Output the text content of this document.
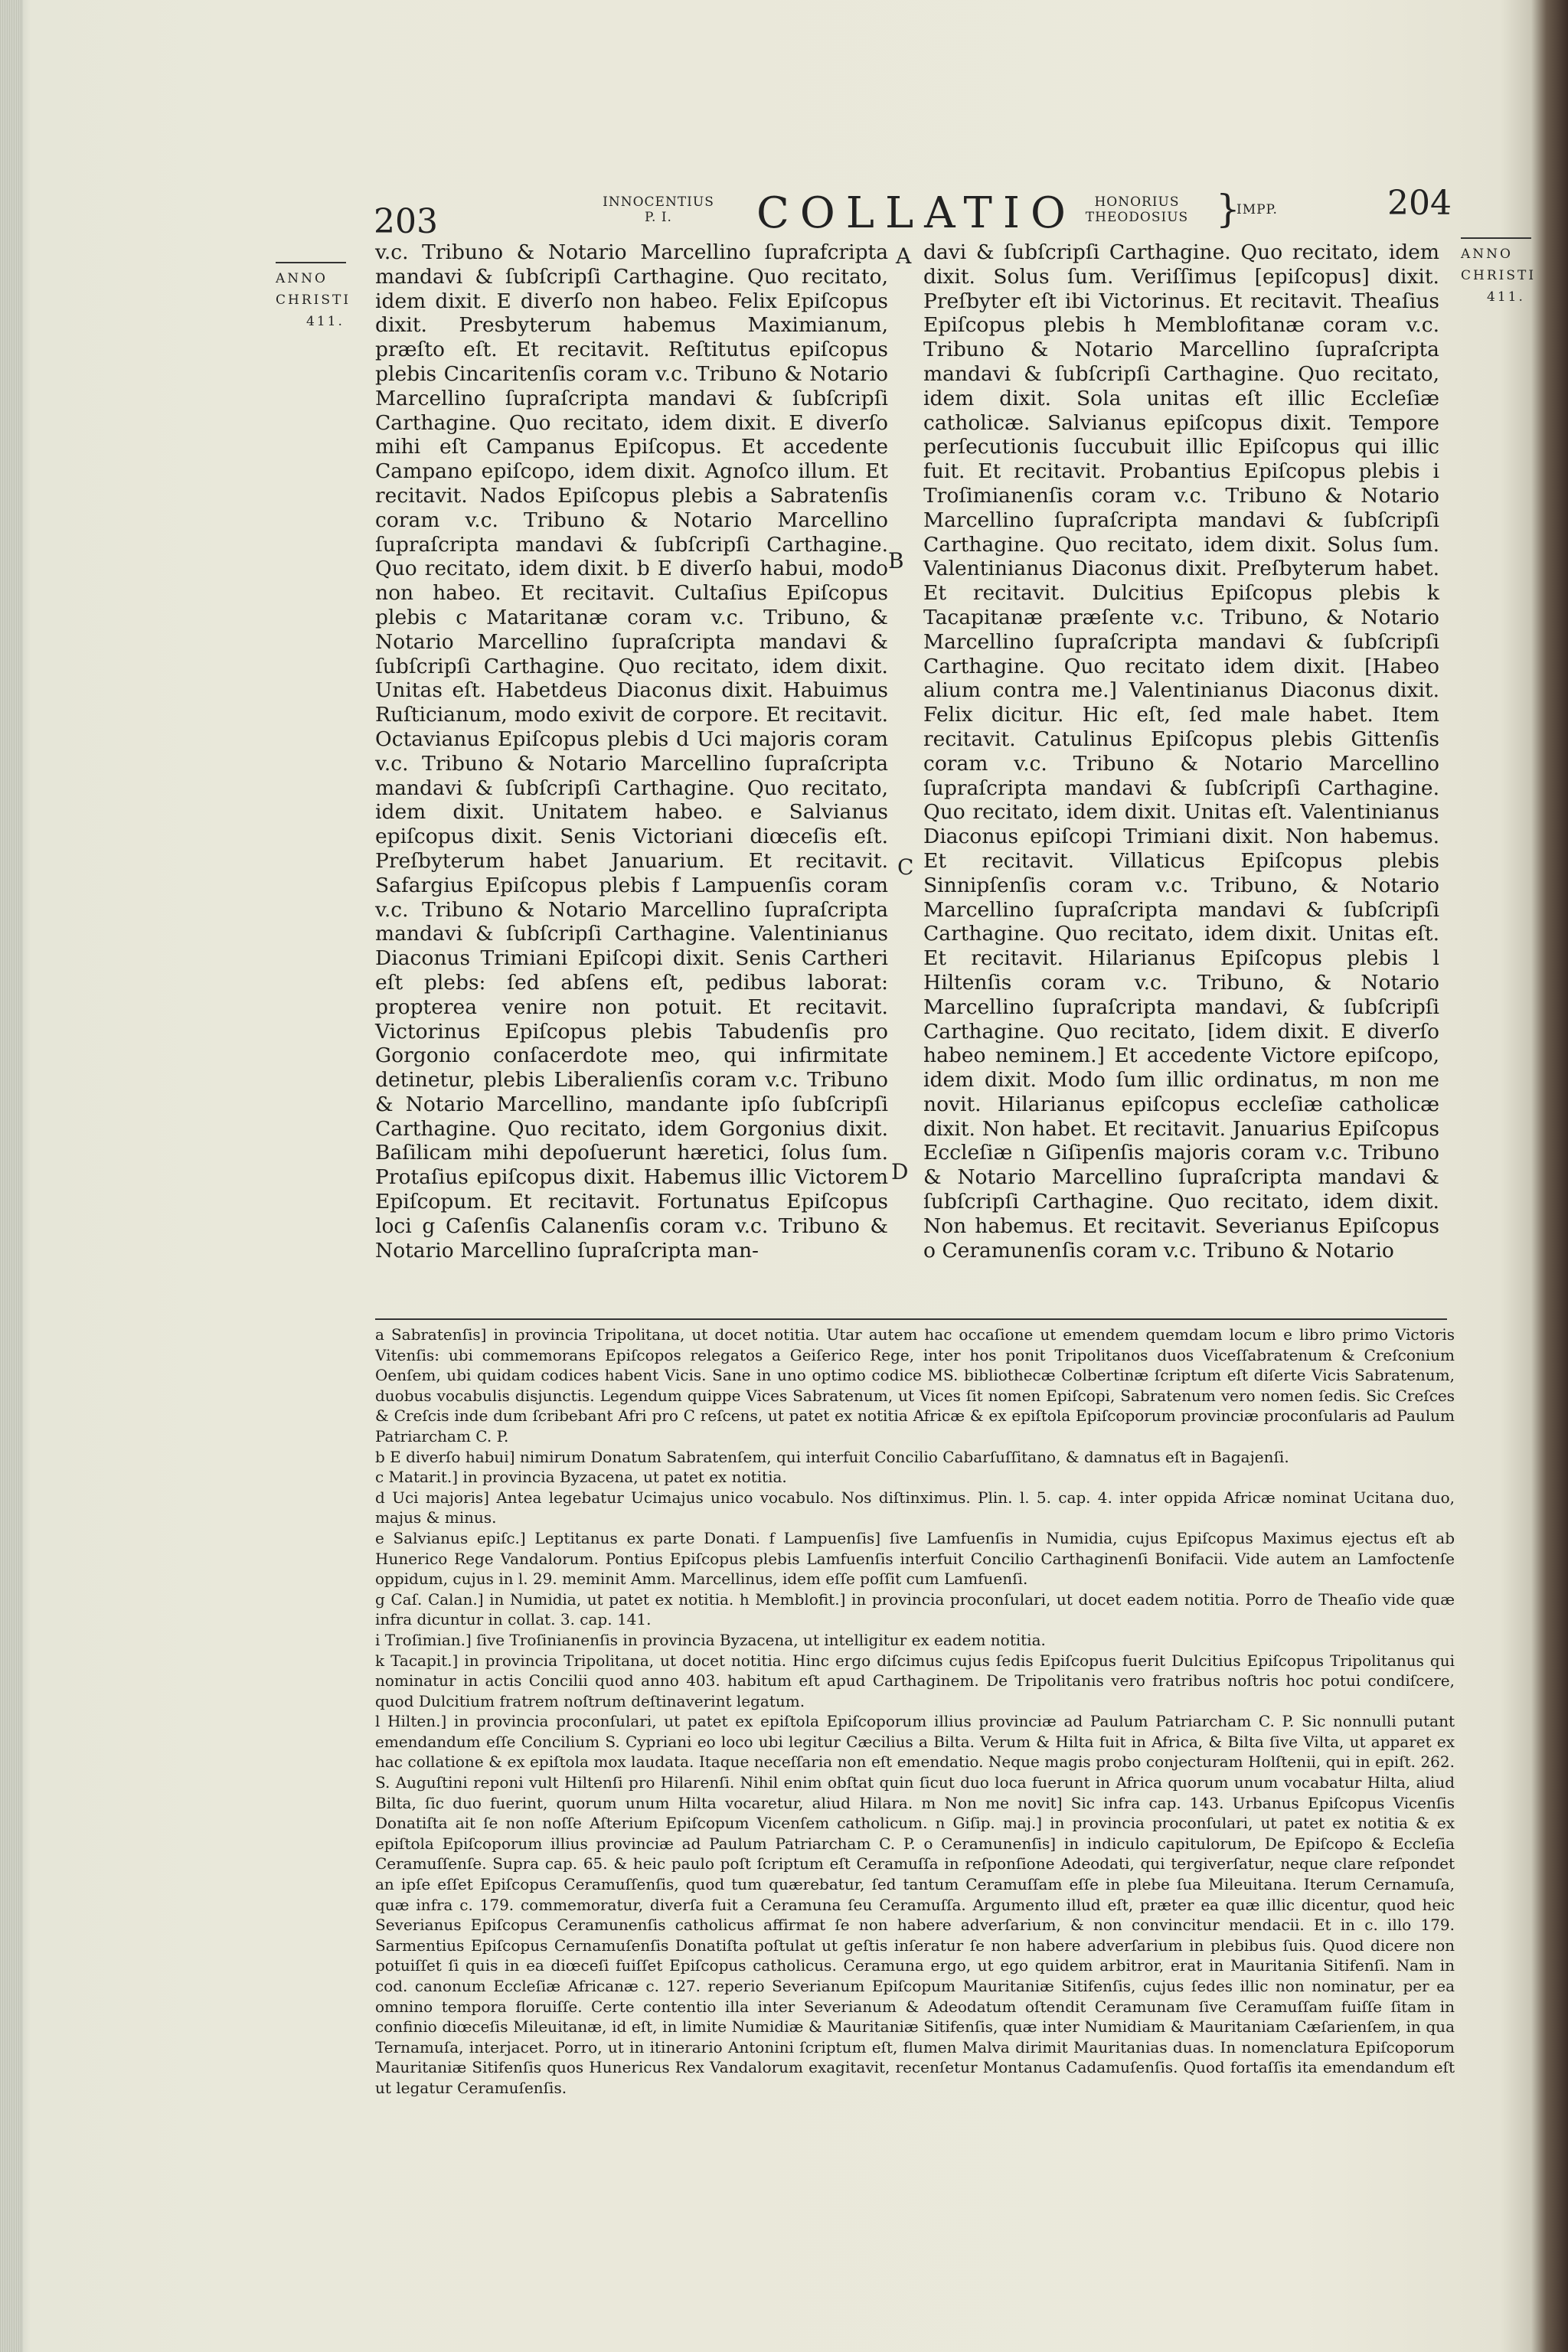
203	INNOCENTIUS
P. I.	COLLATIO	HONORIUS
THEODOSIUS }
IMPP.	204
ANNO
CHRISTI
411.
ANNO
CHRISTI
411.
A
B
C
D

v.c. Tribuno & Notario Marcellino ſuprafcripta mandavi & ſubſcripſi Carthagine. Quo recitato, idem dixit. E diverſo non habeo. Felix Epiſcopus dixit. Presbyterum habemus Maximianum, præſto eſt. Et recitavit. Reſtitutus epiſcopus plebis Cincaritenſis coram v.c. Tribuno & Notario Marcellino ſupraſcripta mandavi & ſubſcripſi Carthagine. Quo recitato, idem dixit. E diverſo mihi eſt Campanus Epiſcopus. Et accedente Campano epiſcopo, idem dixit. Agnoſco illum. Et recitavit. Nados Epiſcopus plebis a Sabratenſis coram v.c. Tribuno & Notario Marcellino ſupraſcripta mandavi & ſubſcripſi Carthagine. Quo recitato, idem dixit. b E diverſo habui, modo non habeo. Et recitavit. Cultaſius Epiſcopus plebis c Mataritanæ coram v.c. Tribuno, & Notario Marcellino ſupraſcripta mandavi & ſubſcripſi Carthagine. Quo recitato, idem dixit. Unitas eſt. Habetdeus Diaconus dixit. Habuimus Ruſticianum, modo exivit de corpore. Et recitavit. Octavianus Epiſcopus plebis d Uci majoris coram v.c. Tribuno & Notario Marcellino ſupraſcripta mandavi & ſubſcripſi Carthagine. Quo recitato, idem dixit. Unitatem habeo. e Salvianus epiſcopus dixit. Senis Victoriani diœceſis eſt. Preſbyterum habet Januarium. Et recitavit. Safargius Epiſcopus plebis f Lampuenſis coram v.c. Tribuno & Notario Marcellino ſupraſcripta mandavi & ſubſcripſi Carthagine. Valentinianus Diaconus Trimiani Epiſcopi dixit. Senis Cartheri eſt plebs: ſed abſens eſt, pedibus laborat: propterea venire non potuit. Et recitavit. Victorinus Epiſcopus plebis Tabudenſis pro Gorgonio conſacerdote meo, qui infirmitate detinetur, plebis Liberalienſis coram v.c. Tribuno & Notario Marcellino, mandante ipſo ſubſcripſi Carthagine. Quo recitato, idem Gorgonius dixit. Baſilicam mihi depoſuerunt hæretici, ſolus ſum. Protaſius epiſcopus dixit. Habemus illic Victorem Epiſcopum. Et recitavit. Fortunatus Epiſcopus loci g Caſenſis Calanenſis coram v.c. Tribuno & Notario Marcellino ſupraſcripta man-

davi & ſubſcripſi Carthagine. Quo recitato, idem dixit. Solus ſum. Veriſſimus [epiſcopus] dixit. Preſbyter eſt ibi Victorinus. Et recitavit. Theaſius Epiſcopus plebis h Memblofitanæ coram v.c. Tribuno & Notario Marcellino ſupraſcripta mandavi & ſubſcripſi Carthagine. Quo recitato, idem dixit. Sola unitas eſt illic Eccleſiæ catholicæ. Salvianus epiſcopus dixit. Tempore perſecutionis ſuccubuit illic Epiſcopus qui illic fuit. Et recitavit. Probantius Epiſcopus plebis i Troſimianenſis coram v.c. Tribuno & Notario Marcellino ſupraſcripta mandavi & ſubſcripſi Carthagine. Quo recitato, idem dixit. Solus ſum. Valentinianus Diaconus dixit. Preſbyterum habet. Et recitavit. Dulcitius Epiſcopus plebis k Tacapitanæ præſente v.c. Tribuno, & Notario Marcellino ſupraſcripta mandavi & ſubſcripſi Carthagine. Quo recitato idem dixit. [Habeo alium contra me.] Valentinianus Diaconus dixit. Felix dicitur. Hic eſt, ſed male habet. Item recitavit. Catulinus Epiſcopus plebis Gittenſis coram v.c. Tribuno & Notario Marcellino ſupraſcripta mandavi & ſubſcripſi Carthagine. Quo recitato, idem dixit. Unitas eſt. Valentinianus Diaconus epiſcopi Trimiani dixit. Non habemus. Et recitavit. Villaticus Epiſcopus plebis Sinnipſenſis coram v.c. Tribuno, & Notario Marcellino ſupraſcripta mandavi & ſubſcripſi Carthagine. Quo recitato, idem dixit. Unitas eſt. Et recitavit. Hilarianus Epiſcopus plebis l Hiltenſis coram v.c. Tribuno, & Notario Marcellino ſupraſcripta mandavi, & ſubſcripſi Carthagine. Quo recitato, [idem dixit. E diverſo habeo neminem.] Et accedente Victore epiſcopo, idem dixit. Modo ſum illic ordinatus, m non me novit. Hilarianus epiſcopus eccleſiæ catholicæ dixit. Non habet. Et recitavit. Januarius Epiſcopus Eccleſiæ n Giſipenſis majoris coram v.c. Tribuno & Notario Marcellino ſupraſcripta mandavi & ſubſcripſi Carthagine. Quo recitato, idem dixit. Non habemus. Et recitavit. Severianus Epiſcopus o Ceramunenſis coram v.c. Tribuno & Notario

a Sabratenſis] in provincia Tripolitana, ut docet notitia. Utar autem hac occaſione ut emendem quemdam locum e libro primo Victoris Vitenſis: ubi commemorans Epiſcopos relegatos a Geiſerico Rege, inter hos ponit Tripolitanos duos Viceſſabratenum & Creſconium Oenſem, ubi quidam codices habent Vicis. Sane in uno optimo codice MS. bibliothecæ Colbertinæ ſcriptum eſt diſerte Vicis Sabratenum, duobus vocabulis disjunctis. Legendum quippe Vices Sabratenum, ut Vices ſit nomen Epiſcopi, Sabratenum vero nomen ſedis. Sic Creſces & Creſcis inde dum ſcribebant Afri pro C reſcens, ut patet ex notitia Africæ & ex epiſtola Epiſcoporum provinciæ proconſularis ad Paulum Patriarcham C. P.

b E diverſo habui] nimirum Donatum Sabratenſem, qui interfuit Concilio Cabarſuſſitano, & damnatus eſt in Bagajenſi.

c Matarit.] in provincia Byzacena, ut patet ex notitia.

d Uci majoris] Antea legebatur Ucimajus unico vocabulo. Nos diſtinximus. Plin. l. 5. cap. 4. inter oppida Africæ nominat Ucitana duo, majus & minus.

e Salvianus epiſc.] Leptitanus ex parte Donati. f Lampuenſis] ſive Lamfuenſis in Numidia, cujus Epiſcopus Maximus ejectus eſt ab Hunerico Rege Vandalorum. Pontius Epiſcopus plebis Lamfuenſis interfuit Concilio Carthaginenſi Bonifacii. Vide autem an Lamfoctenſe oppidum, cujus in l. 29. meminit Amm. Marcellinus, idem eſſe poſſit cum Lamfuenſi.

g Caſ. Calan.] in Numidia, ut patet ex notitia. h Memblofit.] in provincia proconſulari, ut docet eadem notitia. Porro de Theaſio vide quæ infra dicuntur in collat. 3. cap. 141.

i Troſimian.] ſive Troſinianenſis in provincia Byzacena, ut intelligitur ex eadem notitia.

k Tacapit.] in provincia Tripolitana, ut docet notitia. Hinc ergo diſcimus cujus ſedis Epiſcopus fuerit Dulcitius Epiſcopus Tripolitanus qui nominatur in actis Concilii quod anno 403. habitum eſt apud Carthaginem. De Tripolitanis vero fratribus noſtris hoc potui condiſcere, quod Dulcitium fratrem noſtrum deſtinaverint legatum.

l Hilten.] in provincia proconſulari, ut patet ex epiſtola Epiſcoporum illius provinciæ ad Paulum Patriarcham C. P. Sic nonnulli putant emendandum eſſe Concilium S. Cypriani eo loco ubi legitur Cæcilius a Bilta. Verum & Hilta fuit in Africa, & Bilta ſive Vilta, ut apparet ex hac collatione & ex epiſtola mox laudata. Itaque neceſſaria non eſt emendatio. Neque magis probo conjecturam Holſtenii, qui in epiſt. 262. S. Auguſtini reponi vult Hiltenſi pro Hilarenſi. Nihil enim obſtat quin ſicut duo loca fuerunt in Africa quorum unum vocabatur Hilta, aliud Bilta, ſic duo fuerint, quorum unum Hilta vocaretur, aliud Hilara. m Non me novit] Sic infra cap. 143. Urbanus Epiſcopus Vicenſis Donatiſta ait ſe non noſſe Aſterium Epiſcopum Vicenſem catholicum. n Giſip. maj.] in provincia proconſulari, ut patet ex notitia & ex epiſtola Epiſcoporum illius provinciæ ad Paulum Patriarcham C. P. o Ceramunenſis] in indiculo capitulorum, De Epiſcopo & Eccleſia Ceramuſſenſe. Supra cap. 65. & heic paulo poſt ſcriptum eſt Ceramuſſa in reſponſione Adeodati, qui tergiverſatur, neque clare reſpondet an ipſe eſſet Epiſcopus Ceramuſſenſis, quod tum quærebatur, ſed tantum Ceramuſſam eſſe in plebe ſua Mileuitana. Iterum Cernamuſa, quæ infra c. 179. commemoratur, diverſa fuit a Ceramuna ſeu Ceramuſſa. Argumento illud eſt, præter ea quæ illic dicentur, quod heic Severianus Epiſcopus Ceramunenſis catholicus affirmat ſe non habere adverſarium, & non convincitur mendacii. Et in c. illo 179. Sarmentius Epiſcopus Cernamuſenſis Donatiſta poſtulat ut geſtis inſeratur ſe non habere adverſarium in plebibus ſuis. Quod dicere non potuiſſet ſi quis in ea diœceſi fuiſſet Epiſcopus catholicus. Ceramuna ergo, ut ego quidem arbitror, erat in Mauritania Sitifenſi. Nam in cod. canonum Eccleſiæ Africanæ c. 127. reperio Severianum Epiſcopum Mauritaniæ Sitifenſis, cujus ſedes illic non nominatur, per ea omnino tempora floruiſſe. Certe contentio illa inter Severianum & Adeodatum oſtendit Ceramunam ſive Ceramuſſam fuiſſe ſitam in confinio diœceſis Mileuitanæ, id eſt, in limite Numidiæ & Mauritaniæ Sitifenſis, quæ inter Numidiam & Mauritaniam Cæſarienſem, in qua Ternamuſa, interjacet. Porro, ut in itinerario Antonini ſcriptum eſt, flumen Malva dirimit Mauritanias duas. In nomenclatura Epiſcoporum Mauritaniæ Sitifenſis quos Hunericus Rex Vandalorum exagitavit, recenſetur Montanus Cadamuſenſis. Quod fortaſſis ita emendandum eſt ut legatur Ceramuſenſis.
